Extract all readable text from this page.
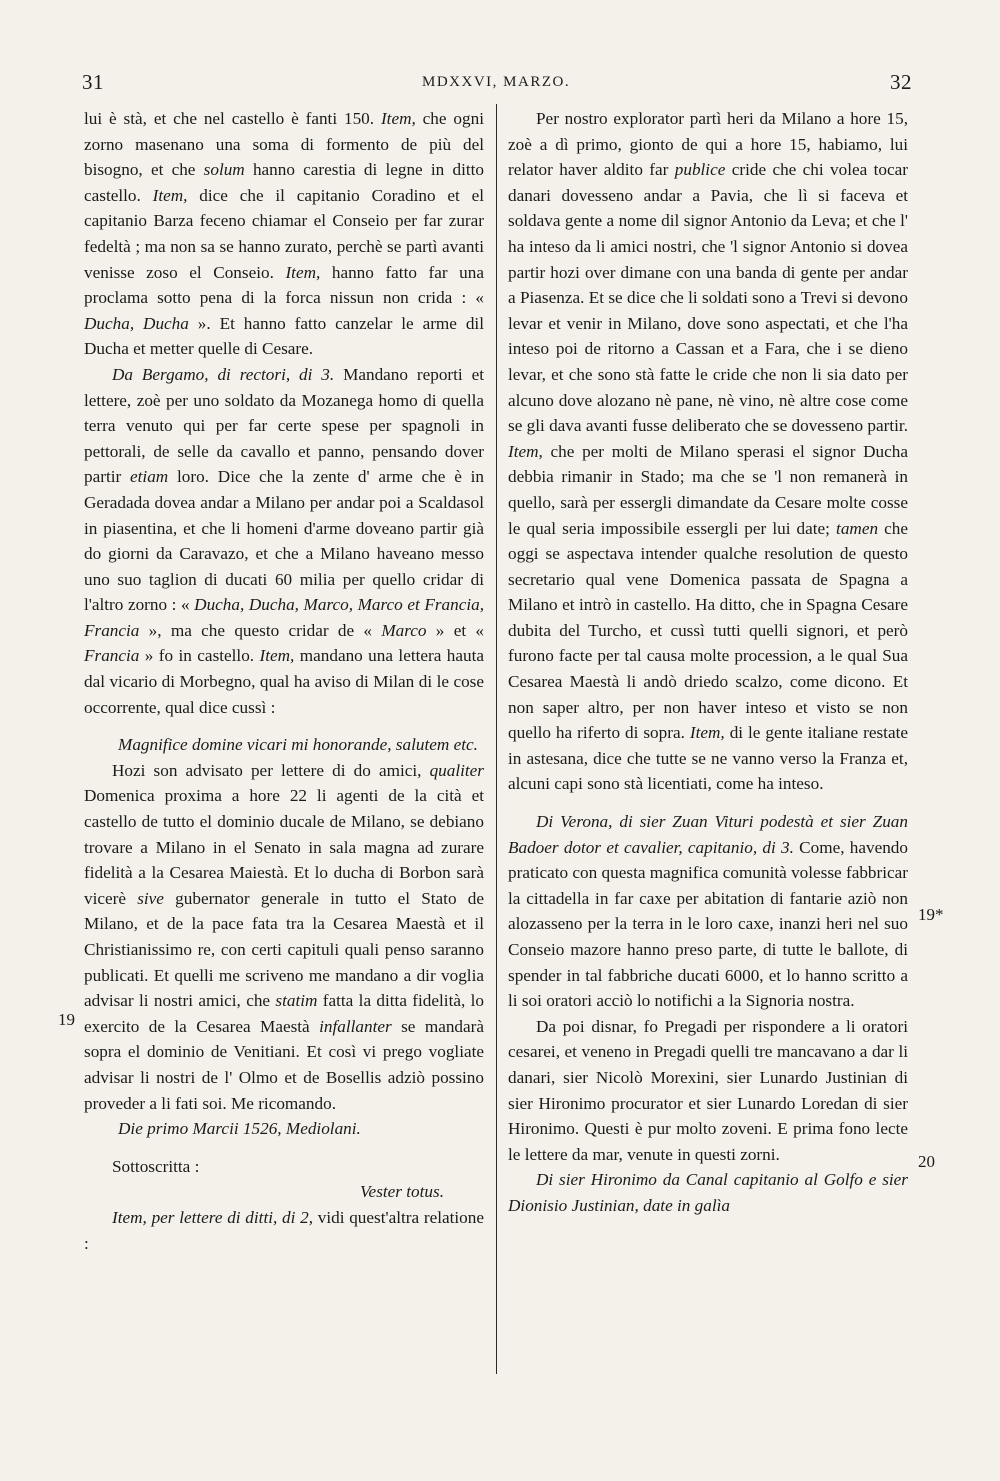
31	MDXXVI, MARZO.	32

lui è stà, et che nel castello è fanti 150. Item, che ogni zorno masenano una soma di formento de più del bisogno, et che solum hanno carestia di legne in ditto castello. Item, dice che il capitanio Coradino et el capitanio Barza feceno chiamar el Conseio per far zurar fedeltà ; ma non sa se hanno zurato, perchè se partì avanti venisse zoso el Conseio. Item, hanno fatto far una proclama sotto pena di la forca nissun non crida : « Ducha, Ducha ». Et hanno fatto canzelar le arme dil Ducha et metter quelle di Cesare.

Da Bergamo, di rectori, di 3. Mandano reporti et lettere, zoè per uno soldato da Mozanega homo di quella terra venuto qui per far certe spese per spagnoli in pettorali, de selle da cavallo et panno, pensando dover partir etiam loro. Dice che la zente d' arme che è in Geradada dovea andar a Milano per andar poi a Scaldasol in piasentina, et che li homeni d'arme doveano partir già do giorni da Caravazo, et che a Milano haveano messo uno suo taglion di ducati 60 milia per quello cridar di l'altro zorno : « Ducha, Ducha, Marco, Marco et Francia, Francia », ma che questo cridar de « Marco » et « Francia » fo in castello. Item, mandano una lettera hauta dal vicario di Morbegno, qual ha aviso di Milan di le cose occorrente, qual dice cussì :

Magnifice domine vicari mi honorande, salutem etc.

Hozi son advisato per lettere di do amici, qualiter Domenica proxima a hore 22 li agenti de la cità et castello de tutto el dominio ducale de Milano, se debiano trovare a Milano in el Senato in sala magna ad zurare fidelità a la Cesarea Maiestà. Et lo ducha di Borbon sarà vicerè sive gubernator generale in tutto el Stato de Milano, et de la pace fata tra la Cesarea Maestà et il Christianissimo re, con certi capituli quali penso saranno publicati. Et quelli me scriveno me mandano a dir voglia advisar li nostri amici, che statim fatta la ditta fidelità, lo exercito de la Cesarea Maestà infallanter se mandarà sopra el dominio de Venitiani. Et così vi prego vogliate advisar li nostri de l' Olmo et de Bosellis adziò possino proveder a li fati soi. Me ricomando.

Die primo Marcii 1526, Mediolani.

Sottoscritta :

Vester totus.

Item, per lettere di ditti, di 2, vidi quest'altra relatione :

Per nostro explorator partì heri da Milano a hore 15, zoè a dì primo, gionto de qui a hore 15, habiamo, lui relator haver aldito far publice cride che chi volea tocar danari dovesseno andar a Pavia, che lì si faceva et soldava gente a nome dil signor Antonio da Leva; et che l' ha inteso da li amici nostri, che 'l signor Antonio si dovea partir hozi over dimane con una banda di gente per andar a Piasenza. Et se dice che li soldati sono a Trevi si devono levar et venir in Milano, dove sono aspectati, et che l'ha inteso poi de ritorno a Cassan et a Fara, che i se dieno levar, et che sono stà fatte le cride che non li sia dato per alcuno dove alozano nè pane, nè vino, nè altre cose come se gli dava avanti fusse deliberato che se dovesseno partir. Item, che per molti de Milano sperasi el signor Ducha debbia rimanir in Stado; ma che se 'l non remanerà in quello, sarà per essergli dimandate da Cesare molte cosse le qual seria impossibile essergli per lui date; tamen che oggi se aspectava intender qualche resolution de questo secretario qual vene Domenica passata de Spagna a Milano et intrò in castello. Ha ditto, che in Spagna Cesare dubita del Turcho, et cussì tutti quelli signori, et però furono facte per tal causa molte procession, a le qual Sua Cesarea Maestà li andò driedo scalzo, come dicono. Et non saper altro, per non haver inteso et visto se non quello ha riferto di sopra. Item, di le gente italiane restate in astesana, dice che tutte se ne vanno verso la Franza et, alcuni capi sono stà licentiati, come ha inteso.

Di Verona, di sier Zuan Vituri podestà et sier Zuan Badoer dotor et cavalier, capitanio, di 3. Come, havendo praticato con questa magnifica comunità volesse fabbricar la cittadella in far caxe per abitation di fantarie aziò non alozasseno per la terra in le loro caxe, inanzi heri nel suo Conseio mazore hanno preso parte, di tutte le ballote, di spender in tal fabbriche ducati 6000, et lo hanno scritto a li soi oratori acciò lo notifichi a la Signoria nostra.

Da poi disnar, fo Pregadi per rispondere a li oratori cesarei, et veneno in Pregadi quelli tre mancavano a dar li danari, sier Nicolò Morexini, sier Lunardo Justinian di sier Hironimo procurator et sier Lunardo Loredan di sier Hironimo. Questi è pur molto zoveni. E prima fono lecte le lettere da mar, venute in questi zorni.

Di sier Hironimo da Canal capitanio al Golfo e sier Dionisio Justinian, date in galìa

19
19*
20
